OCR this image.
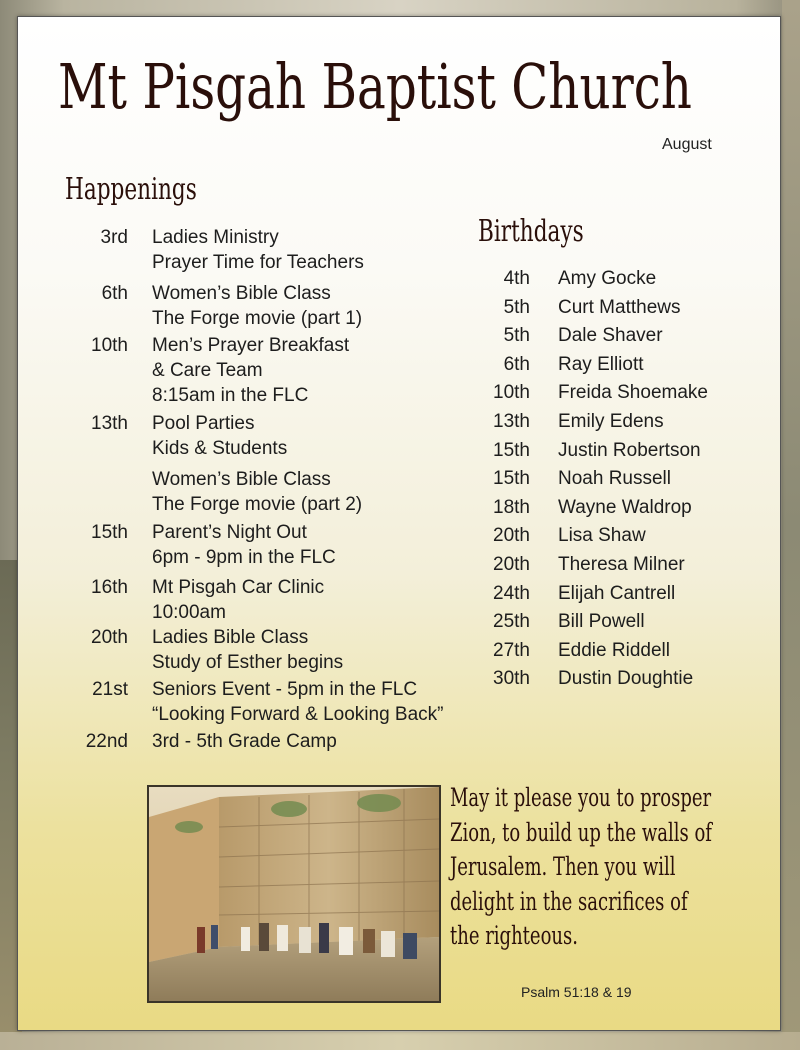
Mt Pisgah Baptist Church
August
Happenings
3rd Ladies Ministry
Prayer Time for Teachers
6th Women’s Bible Class
The Forge movie (part 1)
10th Men’s Prayer Breakfast
& Care Team
8:15am in the FLC
13th Pool Parties
Kids & Students
Women’s Bible Class
The Forge movie (part 2)
15th Parent’s Night Out
6pm - 9pm in the FLC
16th Mt Pisgah Car Clinic
10:00am
20th Ladies Bible Class
Study of Esther begins
21st Seniors Event - 5pm in the FLC
“Looking Forward & Looking Back”
22nd 3rd - 5th Grade Camp
Birthdays
4th Amy Gocke
5th Curt Matthews
5th Dale Shaver
6th Ray Elliott
10th Freida Shoemake
13th Emily Edens
15th Justin Robertson
15th Noah Russell
18th Wayne Waldrop
20th Lisa Shaw
20th Theresa Milner
24th Elijah Cantrell
25th Bill Powell
27th Eddie Riddell
30th Dustin Doughtie
May it please you to prosper
Zion, to build up the walls of
Jerusalem. Then you will
delight in the sacrifices of
the righteous.
Psalm 51:18 & 19
